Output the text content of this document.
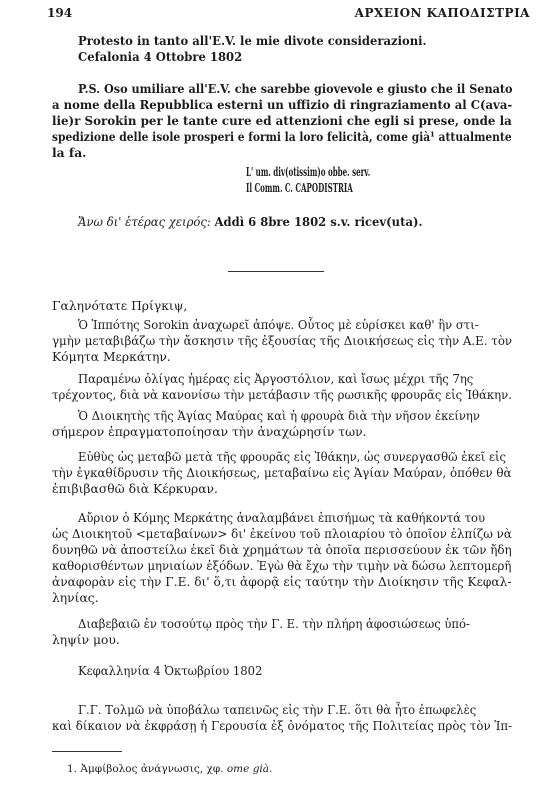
194	ΑΡΧΕΙΟΝ ΚΑΠΟΔΙΣΤΡΙΑ

Protesto in tanto all'E.V. le mie divote considerazioni.

Cefalonia 4 Ottobre 1802

P.S. Oso umiliare all'E.V. che sarebbe giovevole e giusto che il Senato

a nome della Repubblica esterni un uffizio di ringraziamento al C(ava-

lie)r Sorokin per le tante cure ed attenzioni che egli si prese, onde la

spedizione delle isole prosperi e formi la loro felicità, come già¹ attualmente

la fa.

L' um. div(otissim)o obbe. serv.

Il Comm. C. CAPODISTRIA

Ἄνω δι' ἑτέρας χειρός: Addì 6 8bre 1802 s.v. ricev(uta).

Γαληνότατε Πρίγκιψ,

Ὁ Ἱππότης Sorokin ἀναχωρεῖ ἀπόψε. Οὗτος μὲ εὑρίσκει καθ' ἣν στι-

γμὴν μεταβιβάζω τὴν ἄσκησιν τῆς ἐξουσίας τῆς Διοικήσεως εἰς τὴν Α.Ε. τὸν

Κόμητα Μερκάτην.

Παραμένω ὀλίγας ἡμέρας εἰς Ἀργοστόλιον, καὶ ἴσως μέχρι τῆς 7ης

τρέχοντος, διὰ νὰ κανονίσω τὴν μετάβασιν τῆς ρωσικῆς φρουρᾶς εἰς Ἰθάκην.

Ὁ Διοικητὴς τῆς Ἁγίας Μαύρας καὶ ἡ φρουρὰ διὰ τὴν νῆσον ἐκείνην

σήμερον ἐπραγματοποίησαν τὴν ἀναχώρησίν των.

Εὐθὺς ὡς μεταβῶ μετὰ τῆς φρουρᾶς εἰς Ἰθάκην, ὡς συνεργασθῶ ἐκεῖ εἰς

τὴν ἐγκαθίδρυσιν τῆς Διοικήσεως, μεταβαίνω εἰς Ἁγίαν Μαύραν, ὁπόθεν θὰ

ἐπιβιβασθῶ διὰ Κέρκυραν.

Αὔριον ὁ Κόμης Μερκάτης ἀναλαμβάνει ἐπισήμως τὰ καθήκοντά του

ὡς Διοικητοῦ <μεταβαίνων> δι' ἐκείνου τοῦ πλοιαρίου τὸ ὁποῖον ἐλπίζω νὰ

δυνηθῶ νὰ ἀποστείλω ἐκεῖ διὰ χρημάτων τὰ ὁποῖα περισσεύουν ἐκ τῶν ἤδη

καθορισθέντων μηνιαίων ἐξόδων. Ἐγὼ θὰ ἔχω τὴν τιμὴν νὰ δώσω λεπτομερῆ

ἀναφορὰν εἰς τὴν Γ.Ε. δι' ὅ,τι ἀφορᾷ εἰς ταύτην τὴν Διοίκησιν τῆς Κεφαλ-

ληνίας.

Διαβεβαιῶ ἐν τοσούτῳ πρὸς τὴν Γ. Ε. τὴν πλήρη ἀφοσιώσεως ὑπό-

ληψίν μου.

Κεφαλληνία 4 Ὀκτωβρίου 1802

Γ.Γ. Τολμῶ νὰ ὑποβάλω ταπεινῶς εἰς τὴν Γ.Ε. ὅτι θὰ ἦτο ἐπωφελὲς

καὶ δίκαιον νὰ ἐκφράσῃ ἡ Γερουσία ἐξ ὀνόματος τῆς Πολιτείας πρὸς τὸν Ἱπ-

1. Ἀμφίβολος ἀνάγνωσις, χφ. ome già.
